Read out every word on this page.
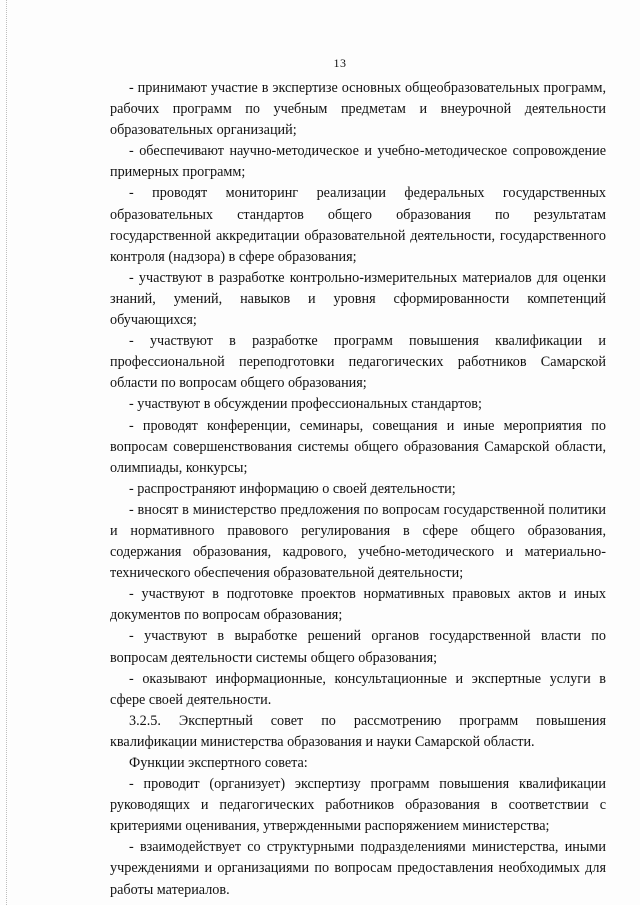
13

- принимают участие в экспертизе основных общеобразовательных программ, рабочих программ по учебным предметам и внеурочной деятельности образовательных организаций;

- обеспечивают научно-методическое и учебно-методическое сопровождение примерных программ;

- проводят мониторинг реализации федеральных государственных образовательных стандартов общего образования по результатам государственной аккредитации образовательной деятельности, государственного контроля (надзора) в сфере образования;

- участвуют в разработке контрольно-измерительных материалов для оценки знаний, умений, навыков и уровня сформированности компетенций обучающихся;

- участвуют в разработке программ повышения квалификации и профессиональной переподготовки педагогических работников Самарской области по вопросам общего образования;

- участвуют в обсуждении профессиональных стандартов;

- проводят конференции, семинары, совещания и иные мероприятия по вопросам совершенствования системы общего образования Самарской области, олимпиады, конкурсы;

- распространяют информацию о своей деятельности;

- вносят в министерство предложения по вопросам государственной политики и нормативного правового регулирования в сфере общего образования, содержания образования, кадрового, учебно-методического и материально-технического обеспечения образовательной деятельности;

- участвуют в подготовке проектов нормативных правовых актов и иных документов по вопросам образования;

- участвуют в выработке решений органов государственной власти по вопросам деятельности системы общего образования;

- оказывают информационные, консультационные и экспертные услуги в сфере своей деятельности.

3.2.5. Экспертный совет по рассмотрению программ повышения квалификации министерства образования и науки Самарской области.

Функции экспертного совета:

- проводит (организует) экспертизу программ повышения квалификации руководящих и педагогических работников образования в соответствии с критериями оценивания, утвержденными распоряжением министерства;

- взаимодействует со структурными подразделениями министерства, иными учреждениями и организациями по вопросам предоставления необходимых для работы материалов.
